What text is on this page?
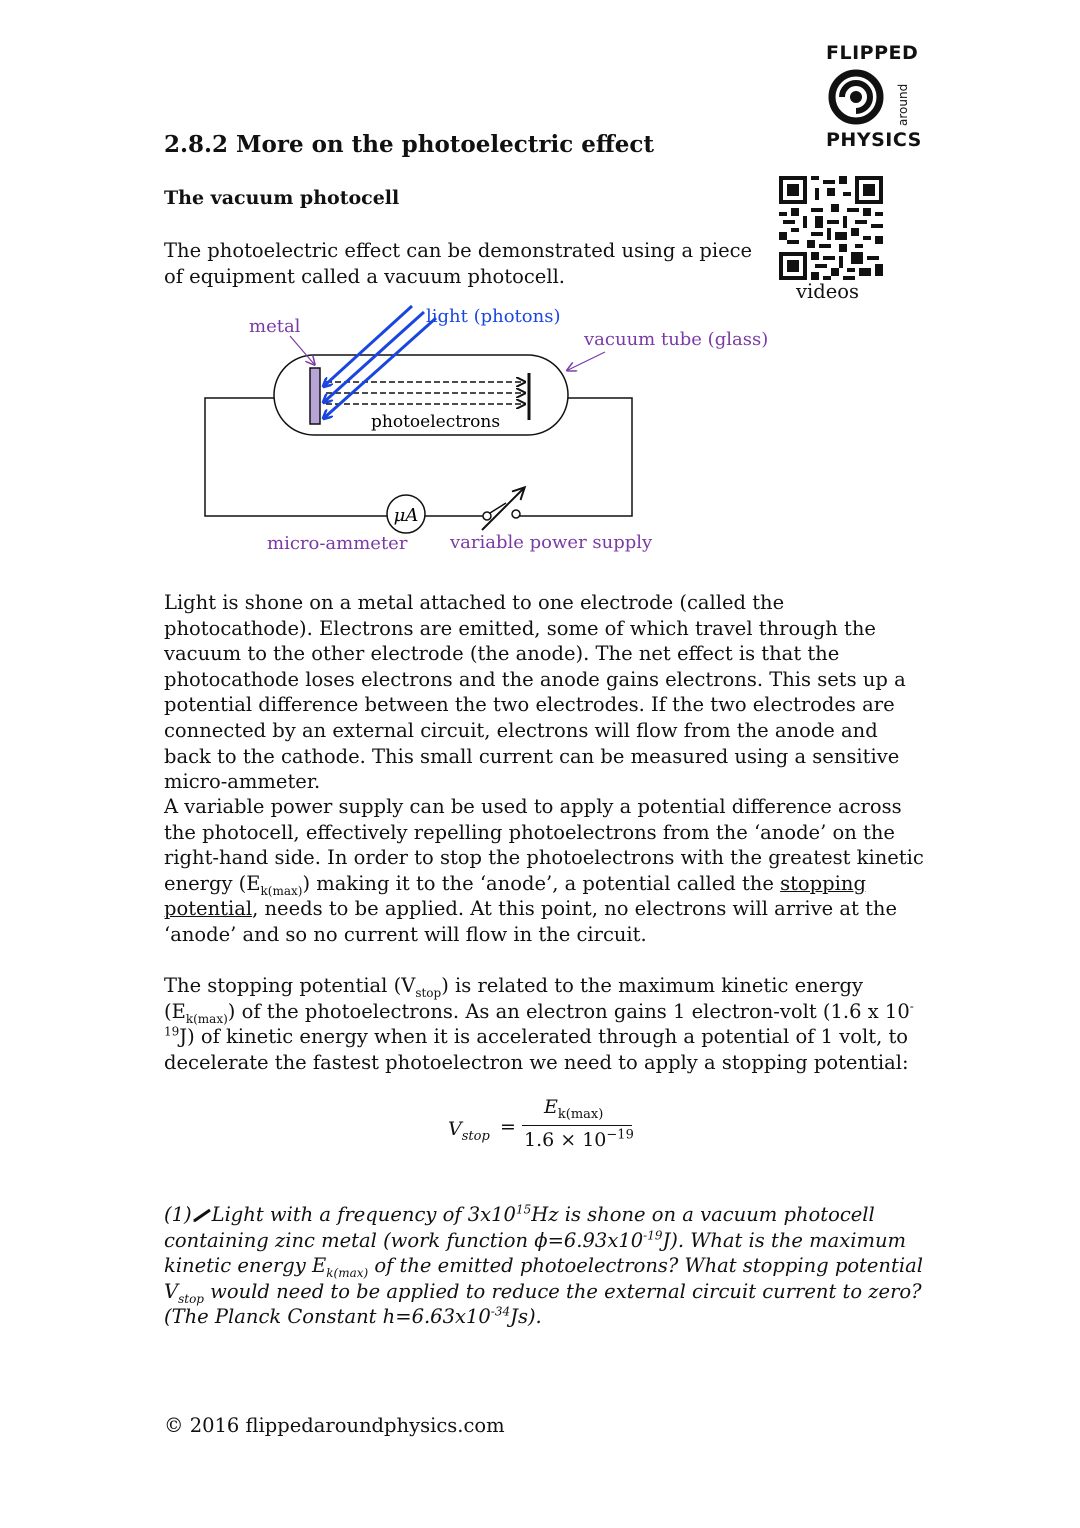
FLIPPED
around
PHYSICS
videos
2.8.2 More on the photoelectric effect
The vacuum photocell

The photoelectric effect can be demonstrated using a piece of equipment called a vacuum photocell.

μA
metal	light (photons)
vacuum tube (glass)
photoelectrons
micro-ammeter variable power supply

Light is shone on a metal attached to one electrode (called the photocathode). Electrons are emitted, some of which travel through the vacuum to the other electrode (the anode). The net effect is that the photocathode loses electrons and the anode gains electrons. This sets up a potential difference between the two electrodes. If the two electrodes are connected by an external circuit, electrons will flow from the anode and back to the cathode. This small current can be measured using a sensitive micro-ammeter.

A variable power supply can be used to apply a potential difference across the photocell, effectively repelling photoelectrons from the ‘anode’ on the right-hand side. In order to stop the photoelectrons with the greatest kinetic energy $(E_{k(max)})$ making it to the ‘anode’, a potential called the stopping potential, needs to be applied. At this point, no electrons will arrive at the ‘anode’ and so no current will flow in the circuit.

The stopping potential $(V_{stop})$ is related to the maximum kinetic energy $(E_{k(max)})$ of the photoelectrons. As an electron gains 1 electron-volt (1.6 x $10^{-19}J$) of kinetic energy when it is accelerated through a potential of 1 volt, to decelerate the fastest photoelectron we need to apply a stopping potential:

$V_{stop}$ =
$E_{k(max)}$
$1.6 \times 10^{-19}$

(1) Light with a frequency of $3x10^{15}Hz$ is shone on a vacuum photocell containing zinc metal (work function $\phi=6.93x10^{-19}J$). What is the maximum kinetic energy $E_{k(max)}$ of the emitted photoelectrons? What stopping potential $V_{stop}$ would need to be applied to reduce the external circuit current to zero? (The Planck Constant $h=6.63x10^{-34}Js$).

© 2016 flippedaroundphysics.com
